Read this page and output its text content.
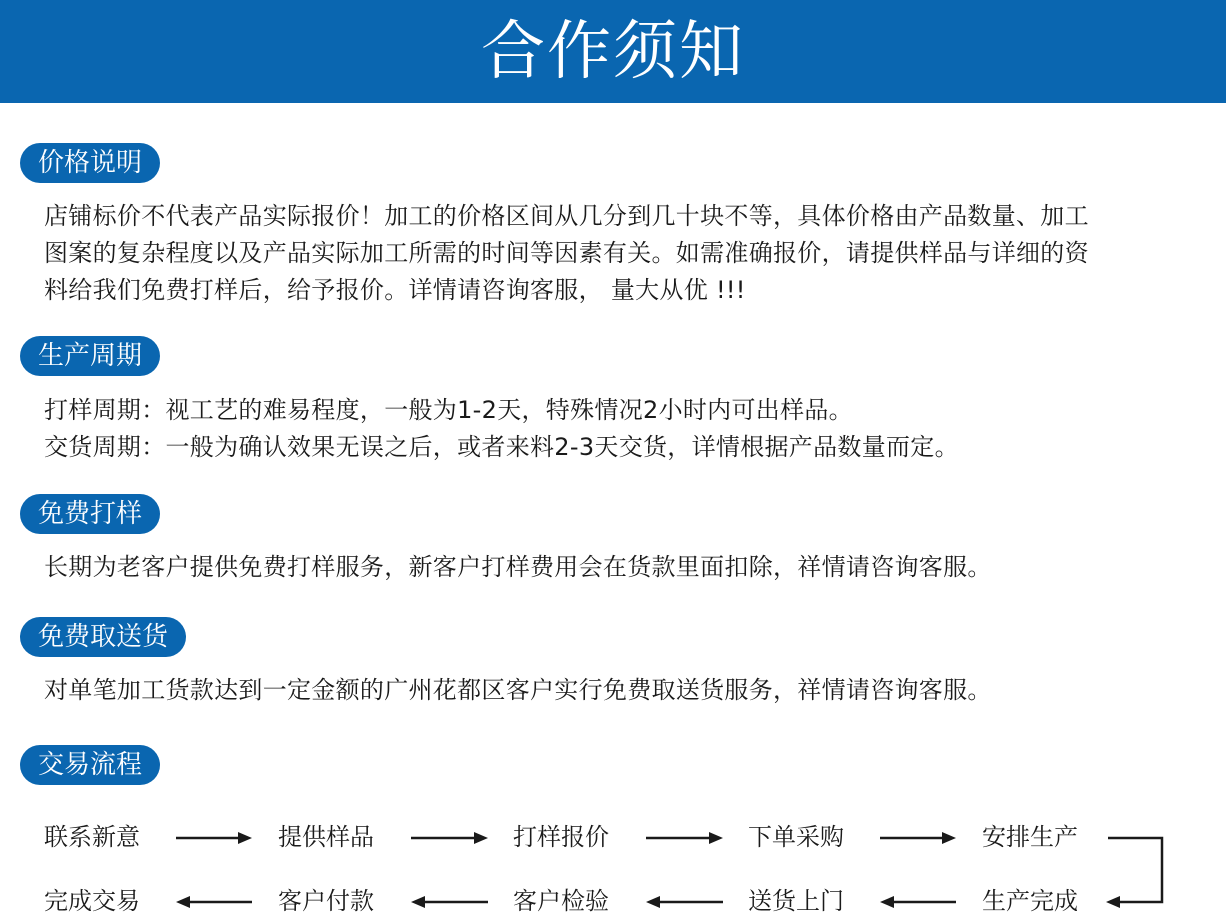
合作须知
价格说明

店铺标价不代表产品实际报价！加工的价格区间从几分到几十块不等，具体价格由产品数量、加工

图案的复杂程度以及产品实际加工所需的时间等因素有关。如需准确报价，请提供样品与详细的资

料给我们免费打样后，给予报价。详情请咨询客服， 量大从优 !!!

生产周期

打样周期：视工艺的难易程度，一般为1-2天，特殊情况2小时内可出样品。

交货周期：一般为确认效果无误之后，或者来料2-3天交货，详情根据产品数量而定。

免费打样

长期为老客户提供免费打样服务，新客户打样费用会在货款里面扣除，祥情请咨询客服。

免费取送货

对单笔加工货款达到一定金额的广州花都区客户实行免费取送货服务，祥情请咨询客服。

交易流程
联系新意	提供样品	打样报价	下单采购	安排生产
完成交易	客户付款	客户检验	送货上门	生产完成
